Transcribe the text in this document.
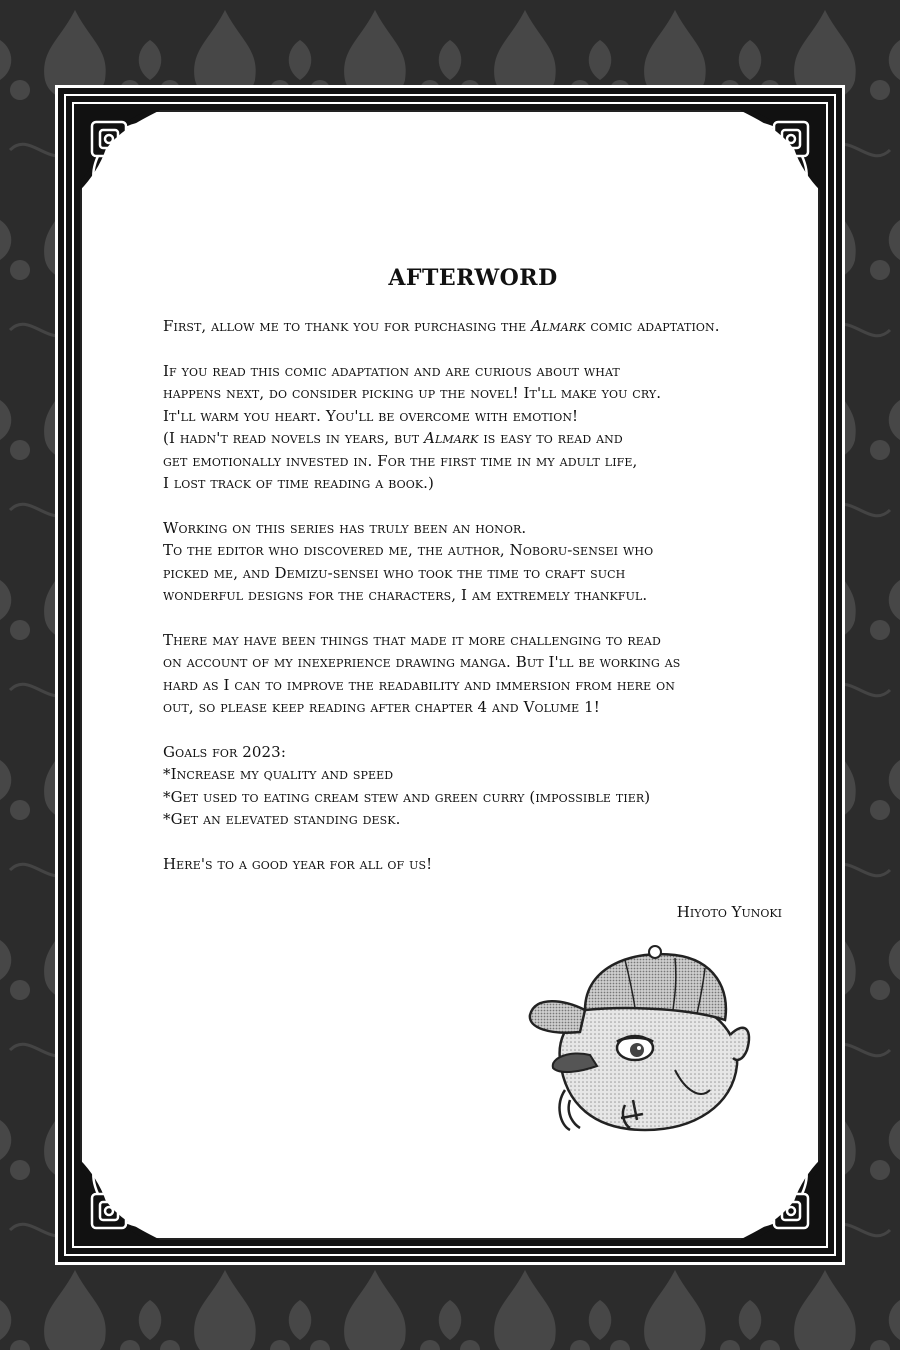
AFTERWORD
First, allow me to thank you for purchasing the Almark comic adaptation.
If you read this comic adaptation and are curious about what
happens next, do consider picking up the novel! It'll make you cry.
It'll warm you heart. You'll be overcome with emotion!
(I hadn't read novels in years, but Almark is easy to read and
get emotionally invested in. For the first time in my adult life,
I lost track of time reading a book.)
Working on this series has truly been an honor.
To the editor who discovered me, the author, Noboru-sensei who
picked me, and Demizu-sensei who took the time to craft such
wonderful designs for the characters, I am extremely thankful.
There may have been things that made it more challenging to read
on account of my inexeprience drawing manga. But I'll be working as
hard as I can to improve the readability and immersion from here on
out, so please keep reading after chapter 4 and Volume 1!
Goals for 2023:
*Increase my quality and speed
*Get used to eating cream stew and green curry (impossible tier)
*Get an elevated standing desk.
Here's to a good year for all of us!
Hiyoto Yunoki
